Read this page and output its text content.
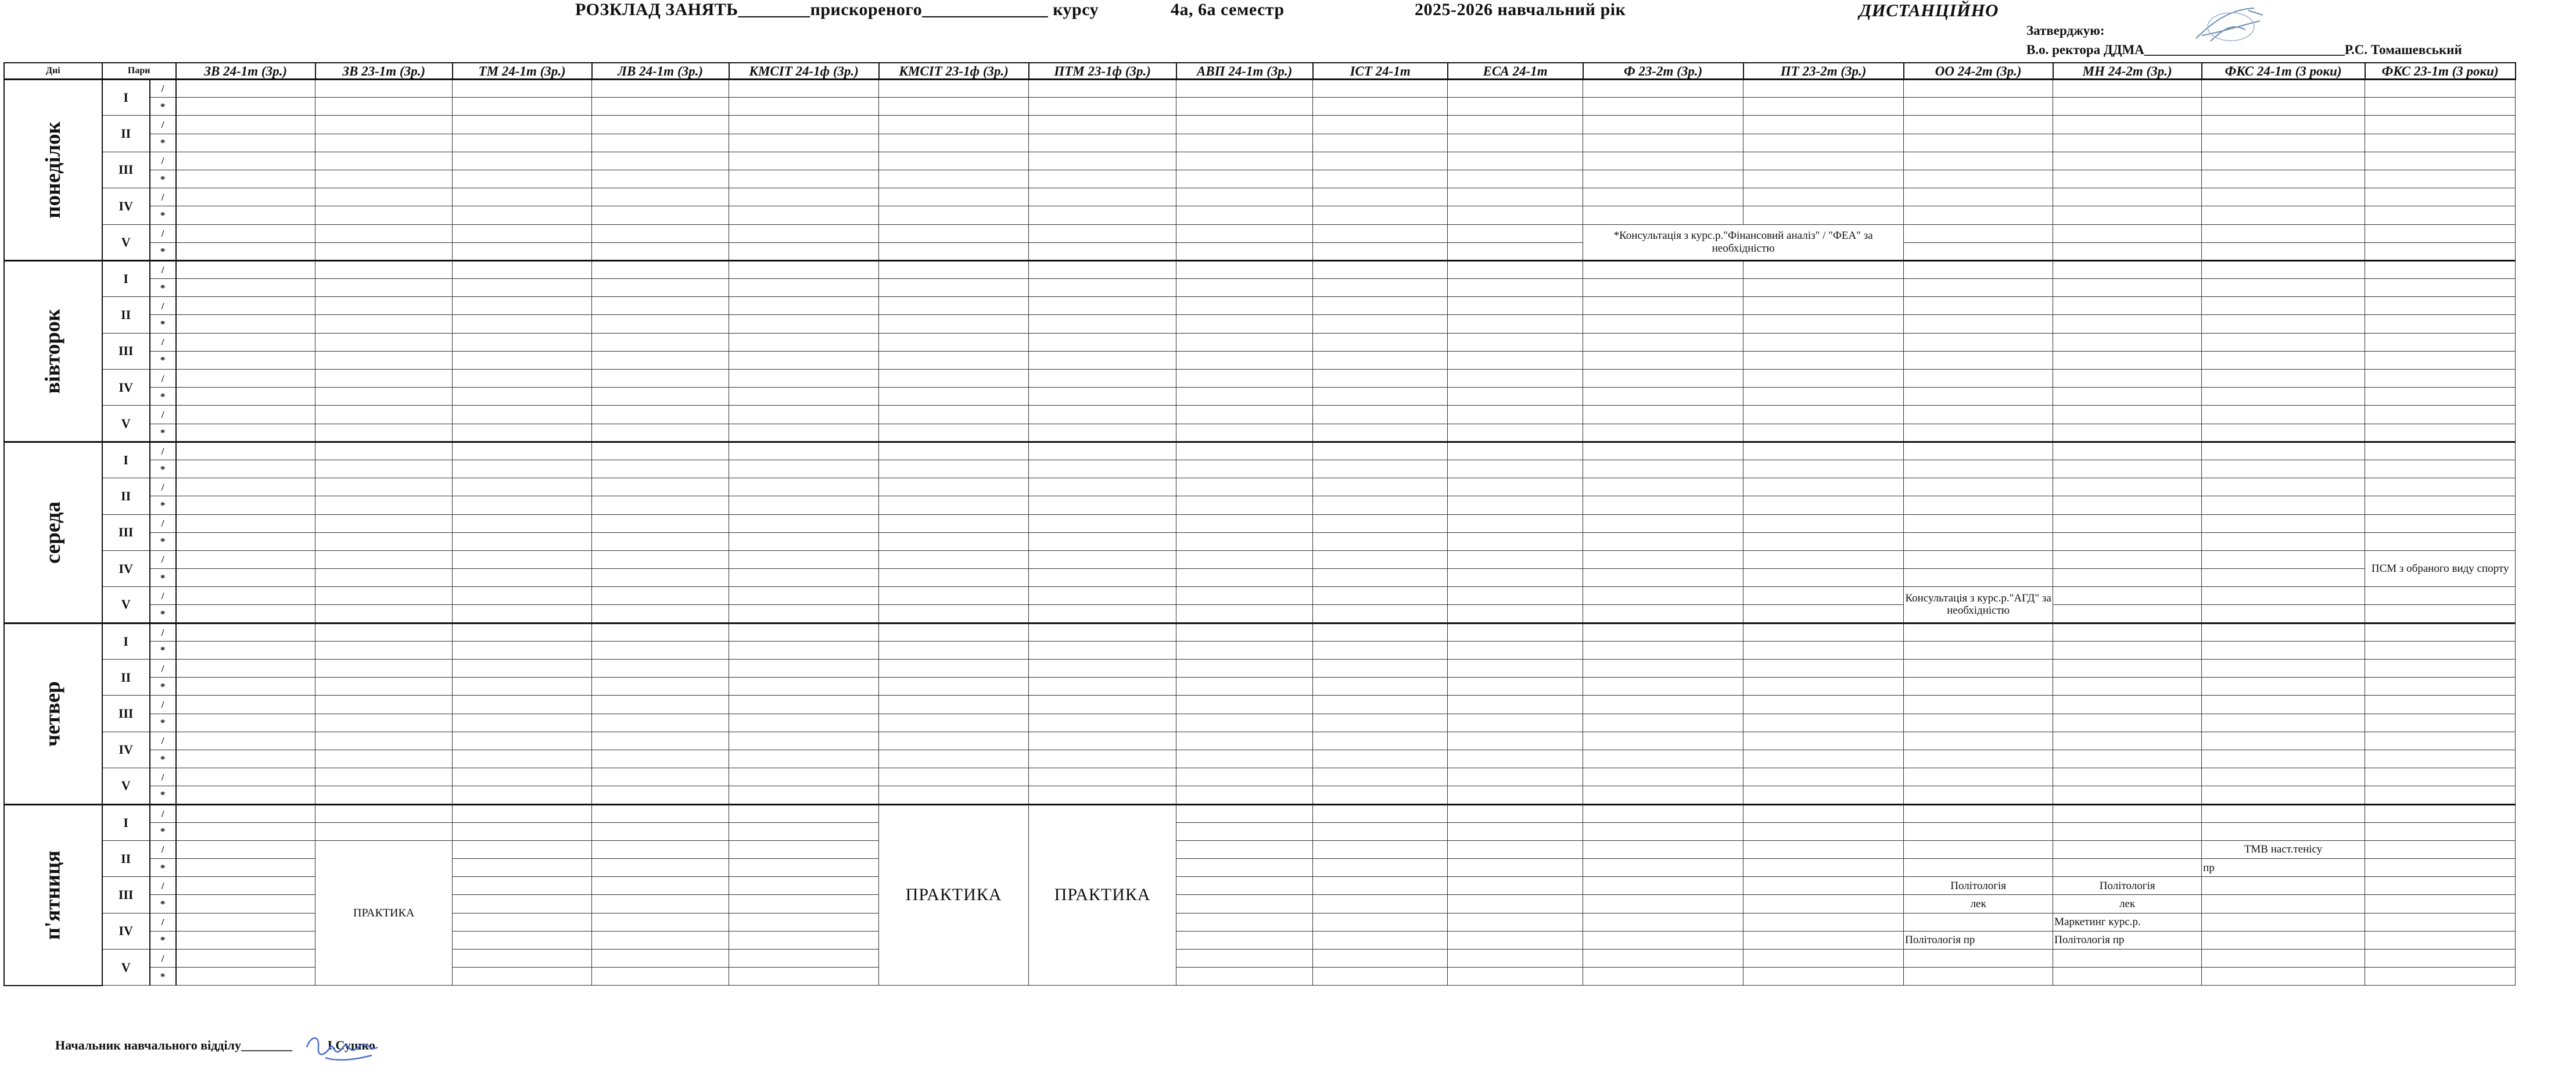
РОЗКЛАД ЗАНЯТЬ________прискореного______________ курсу	4а, 6а семестр	2025-2026 навчальний рік	ДИСТАНЦІЙНО
Затверджую:
В.о. ректора ДДМА______________________________Р.С. Томашевський
Дні	Пари		ЗВ 24-1т (3р.)	ЗВ 23-1т (3р.)	ТМ 24-1т (3р.)	ЛВ 24-1т (3р.)	КМСІТ 24-1ф (3р.)	КМСІТ 23-1ф (3р.)	ПТМ 23-1ф (3р.)	АВП 24-1т (3р.)	ІСТ 24-1т	ЕСА 24-1т	Ф 23-2т (3р.)	ПТ 23-2т (3р.)	ОО 24-2т (3р.)	МН 24-2т (3р.)	ФКС 24-1т (3 роки)	ФКС 23-1т (3 роки)
понеділок	I	/																
		*																
	II	/																
		*																
	III	/																
		*																
	IV	/																
		*																
	V	/											*Консультація з курс.р."Фінансовий аналіз" / "ФЕА" за необхідністю					
		*																
вівторок	I	/																
		*																
	II	/																
		*																
	III	/																
		*																
	IV	/																
		*																
	V	/																
		*																
середа	I	/																
		*																
	II	/																
		*																
	III	/																
		*																
	IV	/																ПСМ з обраного виду спорту
		*																
	V	/													Консультація з курс.р."АГД" за необхідністю			
		*																
четвер	I	/																
		*																
	II	/																
		*																
	III	/																
		*																
	IV	/																
		*																
	V	/																
		*																
п'ятниця	I	/						ПРАКТИКА	ПРАКТИКА									
		*																
	II	/		ПРАКТИКА													ТМВ наст.тенісу	
		*															пр	
	III	/													Політологія	Політологія		
		*													лек	лек		
	IV	/														Маркетинг курс.р.		
		*													Політологія пр	Політологія пр		
	V	/																
		*																
Начальник навчального відділу________	І.Сушко
